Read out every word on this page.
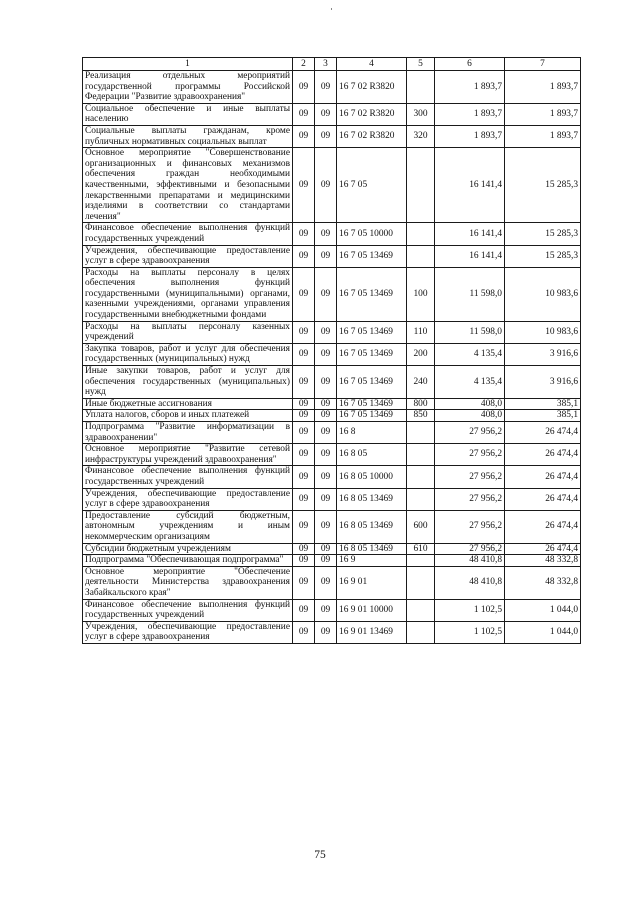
1	2	3	4	5	6	7
Реализация отдельных мероприятий государственной программы Российской Федерации "Развитие здравоохранения"	09	09	16 7 02 R3820		1 893,7	1 893,7
Социальное обеспечение и иные выплаты населению	09	09	16 7 02 R3820	300	1 893,7	1 893,7
Социальные выплаты гражданам, кроме публичных нормативных социальных выплат	09	09	16 7 02 R3820	320	1 893,7	1 893,7
Основное мероприятие "Совершенствование организационных и финансовых механизмов обеспечения граждан необходимыми качественными, эффективными и безопасными лекарственными препаратами и медицинскими изделиями в соответствии со стандартами лечения"	09	09	16 7 05		16 141,4	15 285,3
Финансовое обеспечение выполнения функций государственных учреждений	09	09	16 7 05 10000		16 141,4	15 285,3
Учреждения, обеспечивающие предоставление услуг в сфере здравоохранения	09	09	16 7 05 13469		16 141,4	15 285,3
Расходы на выплаты персоналу в целях обеспечения выполнения функций государственными (муниципальными) органами, казенными учреждениями, органами управления государственными внебюджетными фондами	09	09	16 7 05 13469	100	11 598,0	10 983,6
Расходы на выплаты персоналу казенных учреждений	09	09	16 7 05 13469	110	11 598,0	10 983,6
Закупка товаров, работ и услуг для обеспечения государственных (муниципальных) нужд	09	09	16 7 05 13469	200	4 135,4	3 916,6
Иные закупки товаров, работ и услуг для обеспечения государственных (муниципальных) нужд	09	09	16 7 05 13469	240	4 135,4	3 916,6
Иные бюджетные ассигнования	09	09	16 7 05 13469	800	408,0	385,1
Уплата налогов, сборов и иных платежей	09	09	16 7 05 13469	850	408,0	385,1
Подпрограмма "Развитие информатизации в здравоохранении"	09	09	16 8		27 956,2	26 474,4
Основное мероприятие "Развитие сетевой инфраструктуры учреждений здравоохранения"	09	09	16 8 05		27 956,2	26 474,4
Финансовое обеспечение выполнения функций государственных учреждений	09	09	16 8 05 10000		27 956,2	26 474,4
Учреждения, обеспечивающие предоставление услуг в сфере здравоохранения	09	09	16 8 05 13469		27 956,2	26 474,4
Предоставление субсидий бюджетным, автономным учреждениям и иным некоммерческим организациям	09	09	16 8 05 13469	600	27 956,2	26 474,4
Субсидии бюджетным учреждениям	09	09	16 8 05 13469	610	27 956,2	26 474,4
Подпрограмма "Обеспечивающая подпрограмма"	09	09	16 9		48 410,8	48 332,8
Основное мероприятие "Обеспечение деятельности Министерства здравоохранения Забайкальского края"	09	09	16 9 01		48 410,8	48 332,8
Финансовое обеспечение выполнения функций государственных учреждений	09	09	16 9 01 10000		1 102,5	1 044,0
Учреждения, обеспечивающие предоставление услуг в сфере здравоохранения	09	09	16 9 01 13469		1 102,5	1 044,0
75
